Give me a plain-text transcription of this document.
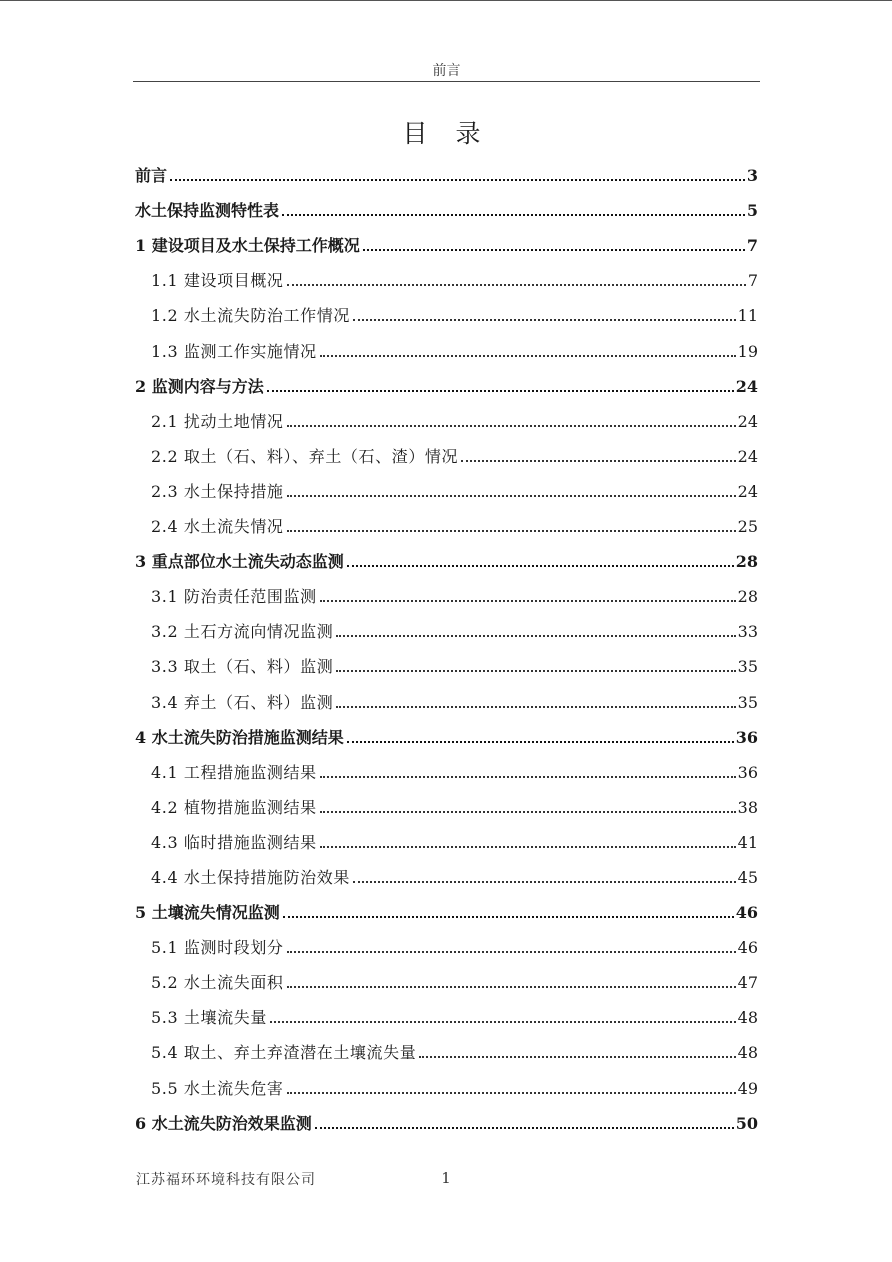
前言
目 录
前言	3
水土保持监测特性表	5
1 建设项目及水土保持工作概况	7
1.1 建设项目概况	7
1.2 水土流失防治工作情况	11
1.3 监测工作实施情况	19
2 监测内容与方法	24
2.1 扰动土地情况	24
2.2 取土（石、料）、弃土（石、渣）情况	24
2.3 水土保持措施	24
2.4 水土流失情况	25
3 重点部位水土流失动态监测	28
3.1 防治责任范围监测	28
3.2 土石方流向情况监测	33
3.3 取土（石、料）监测	35
3.4 弃土（石、料）监测	35
4 水土流失防治措施监测结果	36
4.1 工程措施监测结果	36
4.2 植物措施监测结果	38
4.3 临时措施监测结果	41
4.4 水土保持措施防治效果	45
5 土壤流失情况监测	46
5.1 监测时段划分	46
5.2 水土流失面积	47
5.3 土壤流失量	48
5.4 取土、弃土弃渣潜在土壤流失量	48
5.5 水土流失危害	49
6 水土流失防治效果监测	50
江苏福环环境科技有限公司	1
